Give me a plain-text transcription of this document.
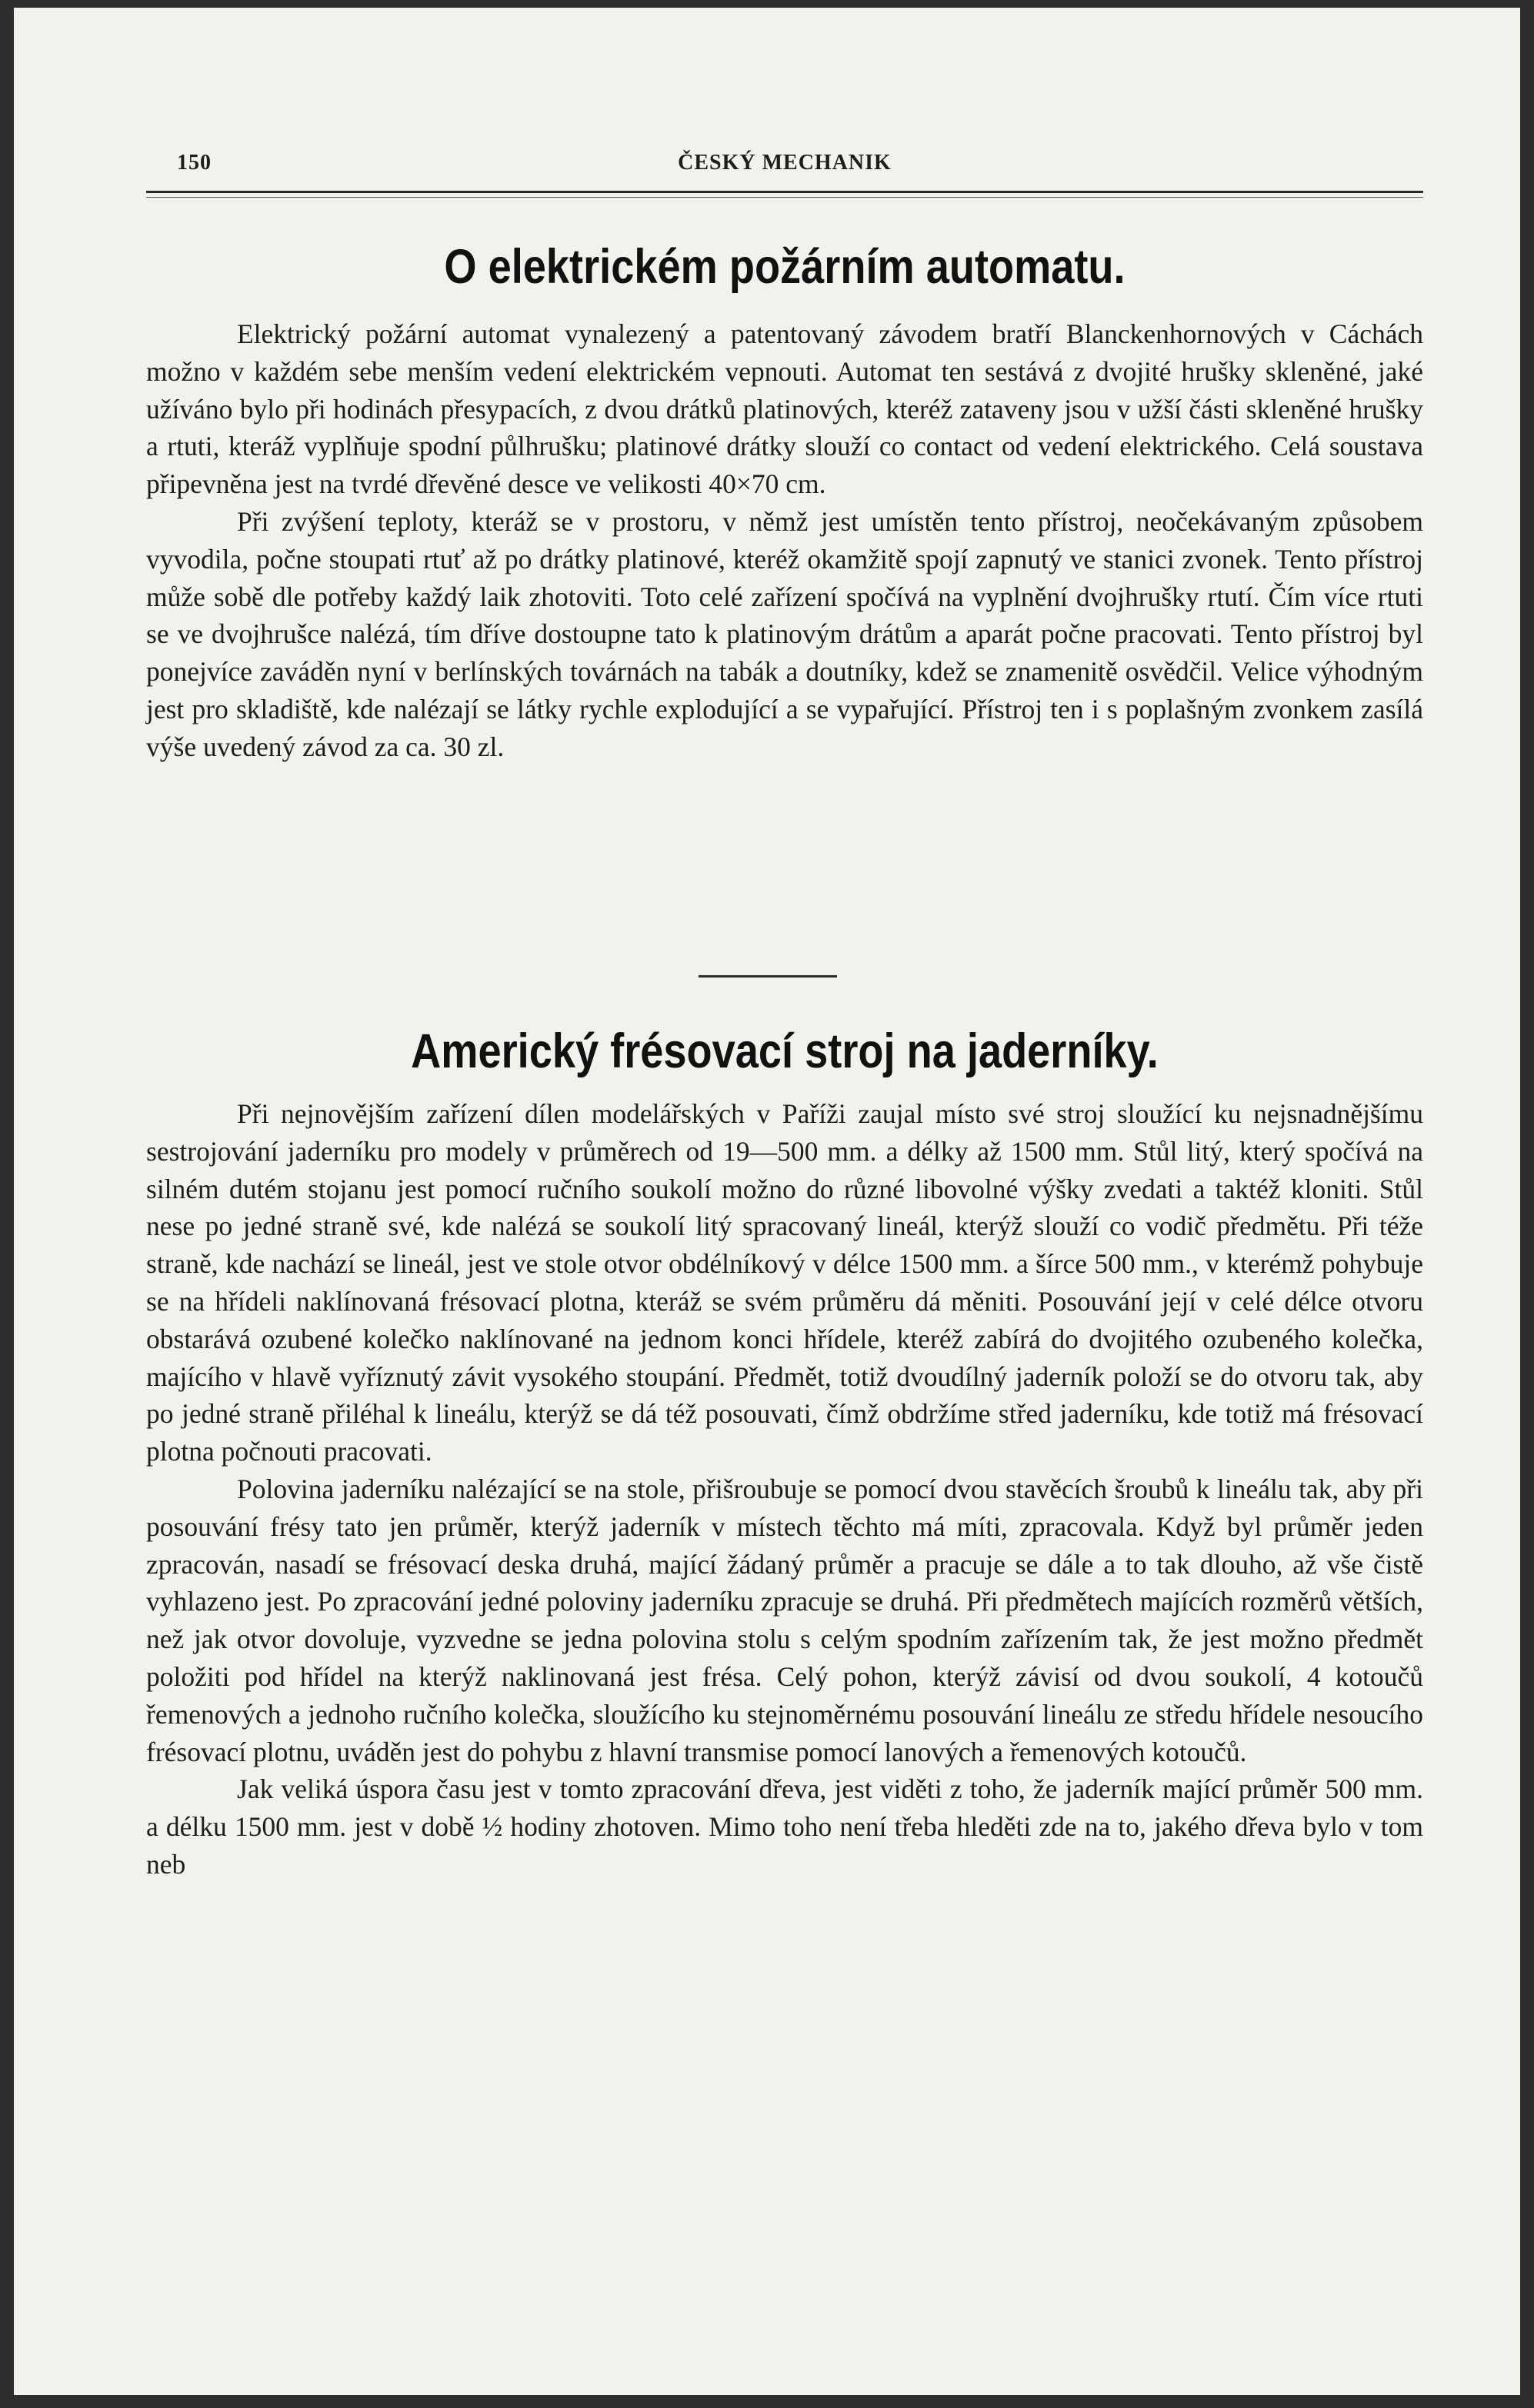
150	ČESKÝ MECHANIK
O elektrickém požárním automatu.

Elektrický požární automat vynalezený a patentovaný závodem bratří Blanckenhornových v Cáchách možno v každém sebe menším vedení elektrickém vepnouti. Automat ten sestává z dvojité hrušky skleněné, jaké užíváno bylo při hodinách přesypacích, z dvou drátků platinových, kteréž zataveny jsou v užší části skleněné hrušky a rtuti, kteráž vyplňuje spodní půlhrušku; platinové drátky slouží co contact od vedení elektrického. Celá soustava připevněna jest na tvrdé dřevěné desce ve velikosti 40×70 cm.

Při zvýšení teploty, kteráž se v prostoru, v němž jest umístěn tento přístroj, neočekávaným způsobem vyvodila, počne stoupati rtuť až po drátky platinové, kteréž okamžitě spojí zapnutý ve stanici zvonek. Tento přístroj může sobě dle potřeby každý laik zhotoviti. Toto celé zařízení spočívá na vyplnění dvojhrušky rtutí. Čím více rtuti se ve dvojhrušce nalézá, tím dříve dostoupne tato k platinovým drátům a aparát počne pracovati. Tento přístroj byl ponejvíce zaváděn nyní v berlínských továrnách na tabák a doutníky, kdež se znamenitě osvědčil. Velice výhodným jest pro skladiště, kde nalézají se látky rychle explodující a se vypařující. Přístroj ten i s poplašným zvonkem zasílá výše uvedený závod za ca. 30 zl.

Americký frésovací stroj na jaderníky.

Při nejnovějším zařízení dílen modelářských v Paříži zaujal místo své stroj sloužící ku nejsnadnějšímu sestrojování jaderníku pro modely v průměrech od 19—500 mm. a délky až 1500 mm. Stůl litý, který spočívá na silném dutém stojanu jest pomocí ručního soukolí možno do různé libovolné výšky zvedati a taktéž kloniti. Stůl nese po jedné straně své, kde nalézá se soukolí litý spracovaný lineál, kterýž slouží co vodič předmětu. Při téže straně, kde nachází se lineál, jest ve stole otvor obdélníkový v délce 1500 mm. a šírce 500 mm., v kterémž pohybuje se na hřídeli naklínovaná frésovací plotna, kteráž se svém průměru dá měniti. Posouvání její v celé délce otvoru obstarává ozubené kolečko naklínované na jednom konci hřídele, kteréž zabírá do dvojitého ozubeného kolečka, majícího v hlavě vyříznutý závit vysokého stoupání. Předmět, totiž dvoudílný jaderník položí se do otvoru tak, aby po jedné straně přiléhal k lineálu, kterýž se dá též posouvati, čímž obdržíme střed jaderníku, kde totiž má frésovací plotna počnouti pracovati.

Polovina jaderníku nalézající se na stole, přišroubuje se pomocí dvou stavěcích šroubů k lineálu tak, aby při posouvání frésy tato jen průměr, kterýž jaderník v místech těchto má míti, zpracovala. Když byl průměr jeden zpracován, nasadí se frésovací deska druhá, mající žádaný průměr a pracuje se dále a to tak dlouho, až vše čistě vyhlazeno jest. Po zpracování jedné poloviny jaderníku zpracuje se druhá. Při předmětech majících rozměrů větších, než jak otvor dovoluje, vyzvedne se jedna polovina stolu s celým spodním zařízením tak, že jest možno předmět položiti pod hřídel na kterýž naklinovaná jest frésa. Celý pohon, kterýž závisí od dvou soukolí, 4 kotoučů řemenových a jednoho ručního kolečka, sloužícího ku stejnoměrnému posouvání lineálu ze středu hřídele nesoucího frésovací plotnu, uváděn jest do pohybu z hlavní transmise pomocí lanových a řemenových kotoučů.

Jak veliká úspora času jest v tomto zpracování dřeva, jest viděti z toho, že jaderník mající průměr 500 mm. a délku 1500 mm. jest v době ½ hodiny zhotoven. Mimo toho není třeba hleděti zde na to, jakého dřeva bylo v tom neb
